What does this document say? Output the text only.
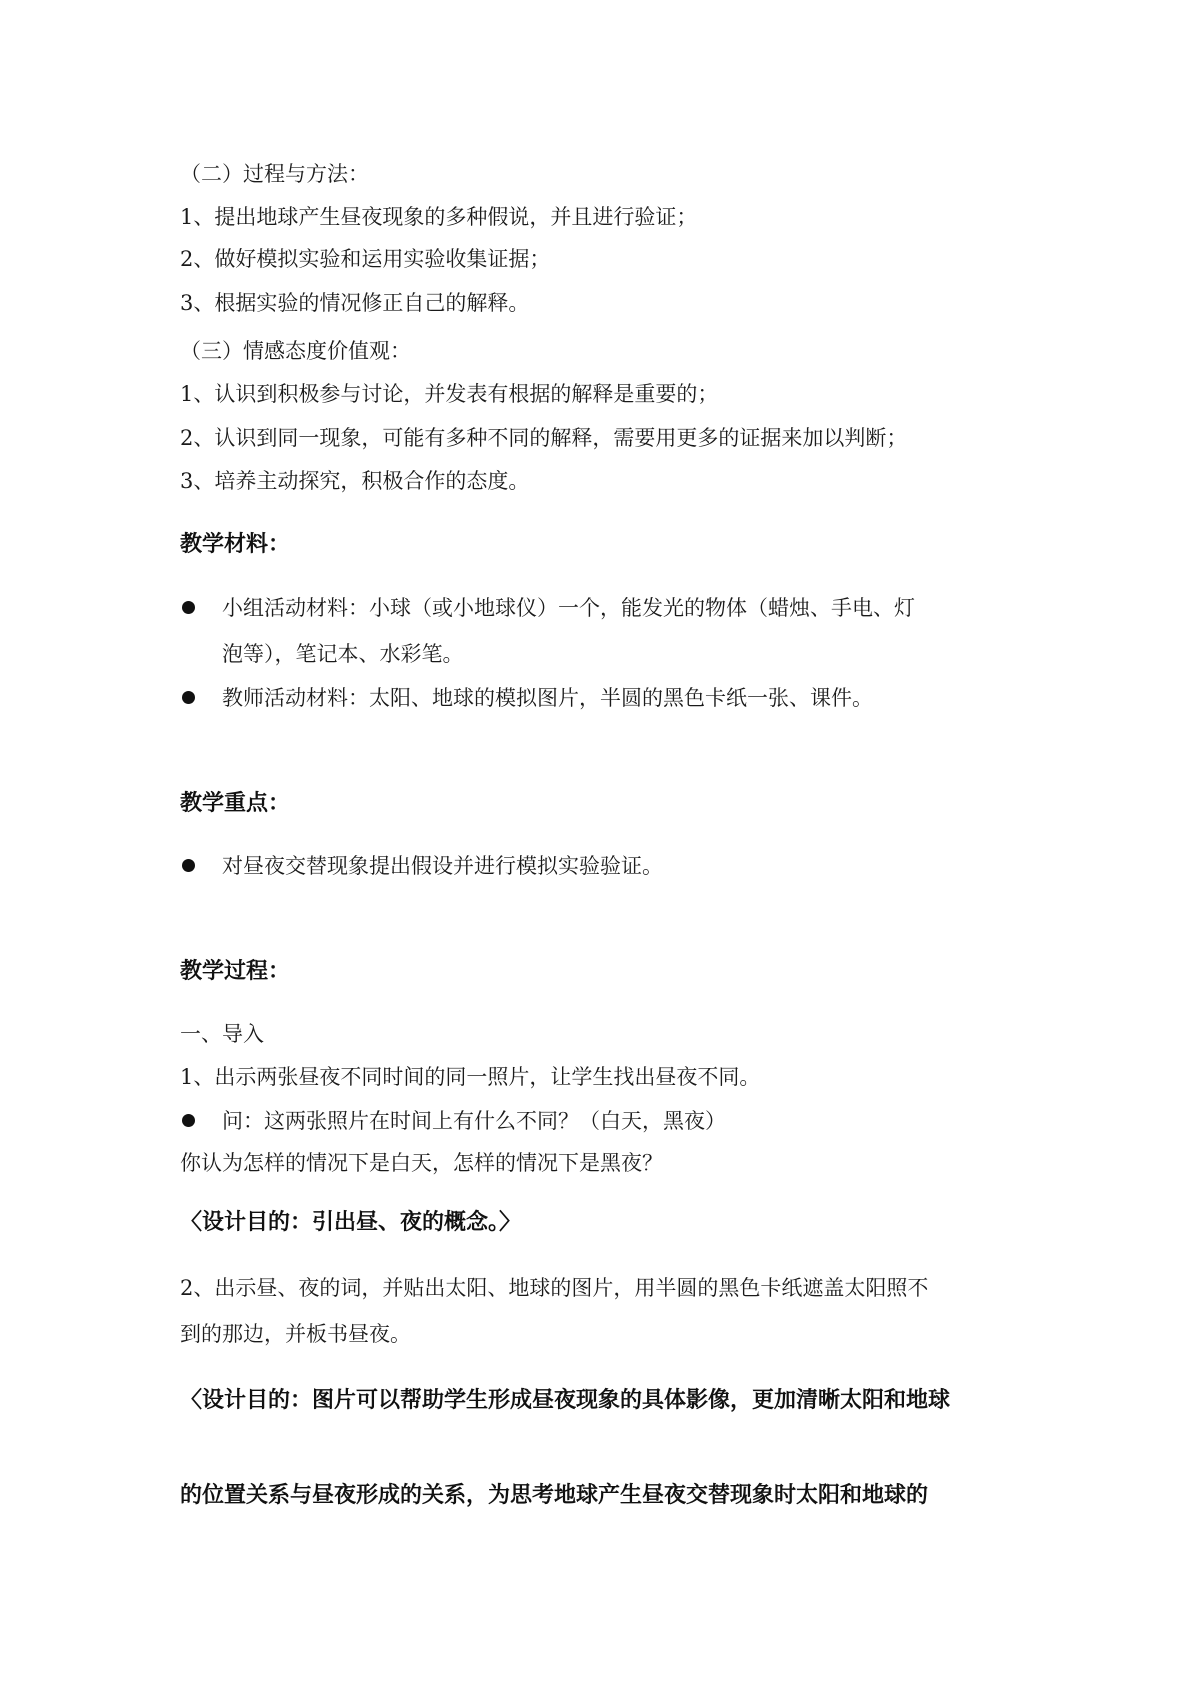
（二）过程与方法：
1、提出地球产生昼夜现象的多种假说，并且进行验证；
2、做好模拟实验和运用实验收集证据；
3、根据实验的情况修正自己的解释。
（三）情感态度价值观：
1、认识到积极参与讨论，并发表有根据的解释是重要的；
2、认识到同一现象，可能有多种不同的解释，需要用更多的证据来加以判断；
3、培养主动探究，积极合作的态度。
教学材料：
小组活动材料：小球（或小地球仪）一个，能发光的物体（蜡烛、手电、灯
泡等），笔记本、水彩笔。
教师活动材料：太阳、地球的模拟图片，半圆的黑色卡纸一张、课件。
教学重点：
对昼夜交替现象提出假设并进行模拟实验验证。
教学过程：
一、导入
1、出示两张昼夜不同时间的同一照片，让学生找出昼夜不同。
问：这两张照片在时间上有什么不同？（白天，黑夜）
你认为怎样的情况下是白天，怎样的情况下是黑夜？
〈设计目的：引出昼、夜的概念。〉
2、出示昼、夜的词，并贴出太阳、地球的图片，用半圆的黑色卡纸遮盖太阳照不
到的那边，并板书昼夜。
〈设计目的：图片可以帮助学生形成昼夜现象的具体影像，更加清晰太阳和地球
的位置关系与昼夜形成的关系，为思考地球产生昼夜交替现象时太阳和地球的
